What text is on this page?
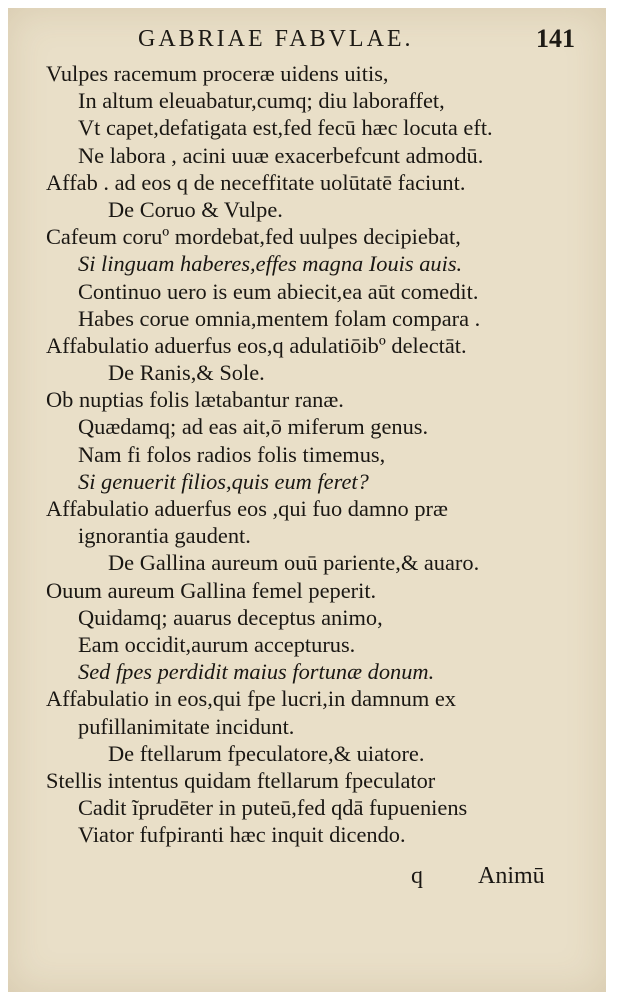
GABRIAE FABVLAE.	141
Vulpes racemum proceræ uidens uitis,
In altum eleuabatur,cumq; diu laboraffet,
Vt capet,defatigata est,fed fecū hæc locuta eft.
Ne labora , acini uuæ exacerbefcunt admodū.
Affab . ad eos q de neceffitate uolūtatē faciunt.
De Coruo & Vulpe.
Cafeum coruº mordebat,fed uulpes decipiebat,
Si linguam haberes,effes magna Iouis auis.
Continuo uero is eum abiecit,ea aūt comedit.
Habes corue omnia,mentem folam compara .
Affabulatio aduerfus eos,q adulatiōibº delectāt.
De Ranis,& Sole.
Ob nuptias folis lætabantur ranæ.
Quædamq; ad eas ait,ō miferum genus.
Nam fi folos radios folis timemus,
Si genuerit filios,quis eum feret?
Affabulatio aduerfus eos ,qui fuo damno præ
ignorantia gaudent.
De Gallina aureum ouū pariente,& auaro.
Ouum aureum Gallina femel peperit.
Quidamq; auarus deceptus animo,
Eam occidit,aurum accepturus.
Sed fpes perdidit maius fortunæ donum.
Affabulatio in eos,qui fpe lucri,in damnum ex
pufillanimitate incidunt.
De ftellarum fpeculatore,& uiatore.
Stellis intentus quidam ftellarum fpeculator
Cadit ĩprudēter in puteū,fed qdā fupueniens
Viator fufpiranti hæc inquit dicendo.
q Animū
